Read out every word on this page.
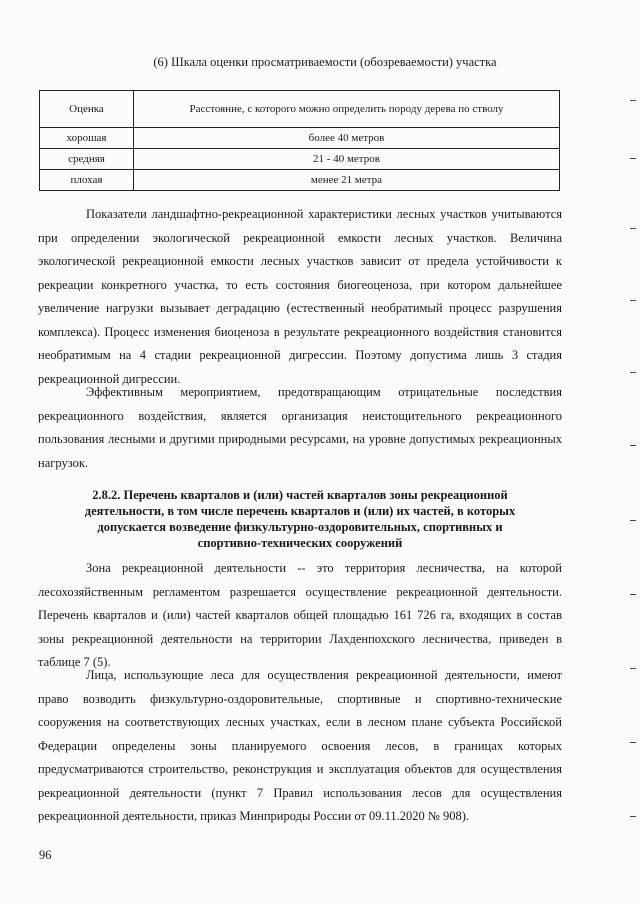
(6) Шкала оценки просматриваемости (обозреваемости) участка
Оценка	Расстояние, с которого можно определить породу дерева по стволу
хорошая	более 40 метров
средняя	21 - 40 метров
плохая	менее 21 метра

Показатели ландшафтно-рекреационной характеристики лесных участков учитываются при определении экологической рекреационной емкости лесных участков. Величина экологической рекреационной емкости лесных участков зависит от предела устойчивости к рекреации конкретного участка, то есть состояния биогеоценоза, при котором дальнейшее увеличение нагрузки вызывает деградацию (естественный необратимый процесс разрушения комплекса). Процесс изменения биоценоза в результате рекреационного воздействия становится необратимым на 4 стадии рекреационной дигрессии. Поэтому допустима лишь 3 стадия рекреационной дигрессии.

Эффективным мероприятием, предотвращающим отрицательные последствия рекреационного воздействия, является организация неистощительного рекреационного пользования лесными и другими природными ресурсами, на уровне допустимых рекреационных нагрузок.

2.8.2. Перечень кварталов и (или) частей кварталов зоны рекреационной деятельности, в том числе перечень кварталов и (или) их частей, в которых допускается возведение физкультурно-оздоровительных, спортивных и спортивно-технических сооружений

Зона рекреационной деятельности -- это территория лесничества, на которой лесохозяйственным регламентом разрешается осуществление рекреационной деятельности. Перечень кварталов и (или) частей кварталов общей площадью 161 726 га, входящих в состав зоны рекреационной деятельности на территории Лахденпохского лесничества, приведен в таблице 7 (5).

Лица, использующие леса для осуществления рекреационной деятельности, имеют право возводить физкультурно-оздоровительные, спортивные и спортивно-технические сооружения на соответствующих лесных участках, если в лесном плане субъекта Российской Федерации определены зоны планируемого освоения лесов, в границах которых предусматриваются строительство, реконструкция и эксплуатация объектов для осуществления рекреационной деятельности (пункт 7 Правил использования лесов для осуществления рекреационной деятельности, приказ Минприроды России от 09.11.2020 № 908).

96
